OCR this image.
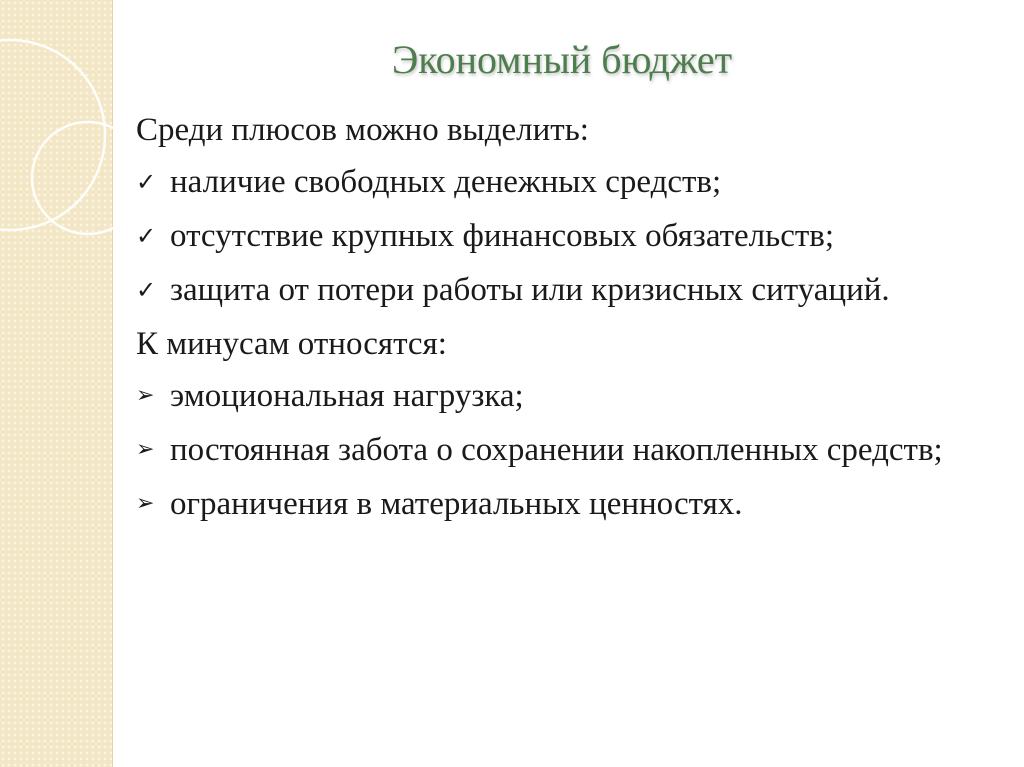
Экономный бюджет

Среди плюсов можно выделить:

✓ наличие свободных денежных средств;

✓ отсутствие крупных финансовых обязательств;

✓ защита от потери работы или кризисных ситуаций.

К минусам относятся:

➢ эмоциональная нагрузка;

➢ постоянная забота о сохранении накопленных средств;

➢ ограничения в материальных ценностях.
